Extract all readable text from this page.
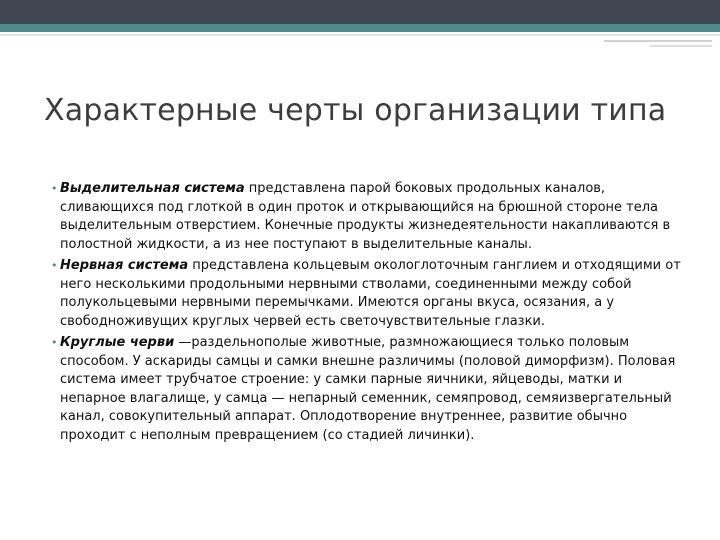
Характерные черты организации типа

• Выделительная система представлена парой боковых продольных каналов, сливающихся под глоткой в один проток и открывающийся на брюшной стороне тела выделительным отверстием. Конечные продукты жизнедеятельности накапливаются в полостной жидкости, а из нее поступают в выделительные каналы.

• Нервная система представлена кольцевым окологлоточным ганглием и отходящими от него несколькими продольными нервными стволами, соединенными между собой полукольцевыми нервными перемычками. Имеются органы вкуса, осязания, а у свободноживущих круглых червей есть светочувствительные глазки.

• Круглые черви —раздельнополые животные, размножающиеся только половым способом. У аскариды самцы и самки внешне различимы (половой диморфизм). Половая система имеет трубчатое строение: у самки парные яичники, яйцеводы, матки и непарное влагалище, у самца — непарный семенник, семяпровод, семяизвергательный канал, совокупительный аппарат. Оплодотворение внутреннее, развитие обычно проходит с неполным превращением (со стадией личинки).
